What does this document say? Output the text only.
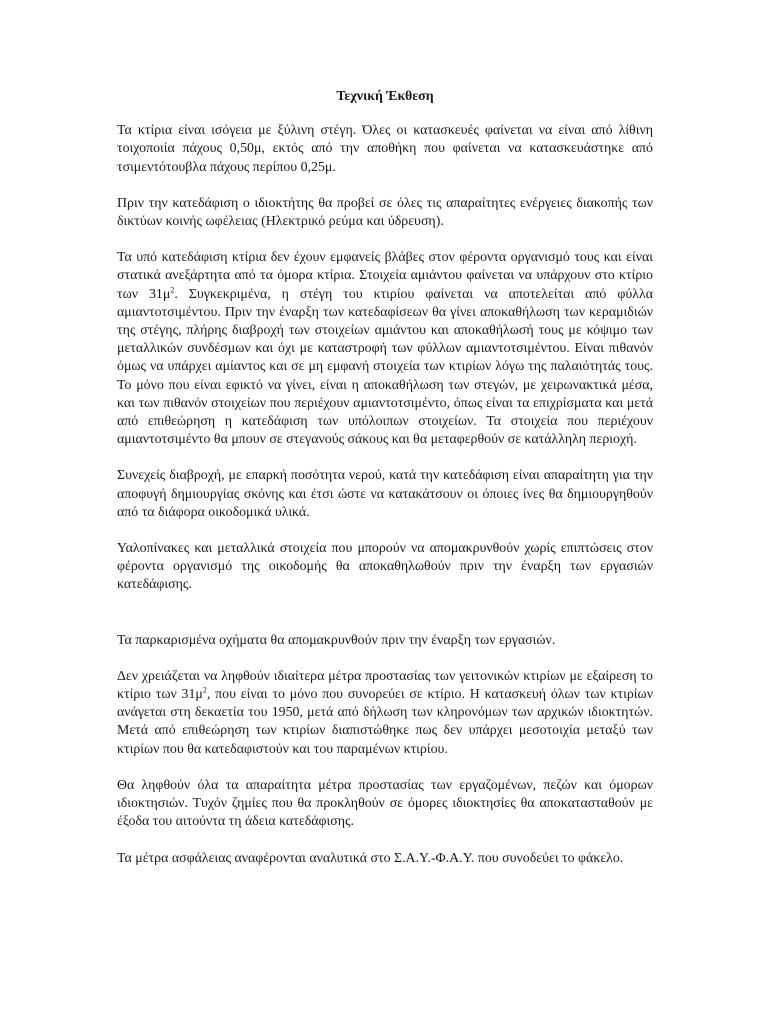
Τεχνική Έκθεση

Τα κτίρια είναι ισόγεια με ξύλινη στέγη. Όλες οι κατασκευές φαίνεται να είναι από λίθινη τοιχοποιία πάχους 0,50μ, εκτός από την αποθήκη που φαίνεται να κατασκευάστηκε από τσιμεντότουβλα πάχους περίπου 0,25μ.

Πριν την κατεδάφιση ο ιδιοκτήτης θα προβεί σε όλες τις απαραίτητες ενέργειες διακοπής των δικτύων κοινής ωφέλειας (Ηλεκτρικό ρεύμα και ύδρευση).

Τα υπό κατεδάφιση κτίρια δεν έχουν εμφανείς βλάβες στον φέροντα οργανισμό τους και είναι στατικά ανεξάρτητα από τα όμορα κτίρια. Στοιχεία αμιάντου φαίνεται να υπάρχουν στο κτίριο των $31\mu^2$. Συγκεκριμένα, η στέγη του κτιρίου φαίνεται να αποτελείται από φύλλα αμιαντοτσιμέντου. Πριν την έναρξη των κατεδαφίσεων θα γίνει αποκαθήλωση των κεραμιδιών της στέγης, πλήρης διαβροχή των στοιχείων αμιάντου και αποκαθήλωσή τους με κόψιμο των μεταλλικών συνδέσμων και όχι με καταστροφή των φύλλων αμιαντοτσιμέντου. Είναι πιθανόν όμως να υπάρχει αμίαντος και σε μη εμφανή στοιχεία των κτιρίων λόγω της παλαιότητάς τους. Το μόνο που είναι εφικτό να γίνει, είναι η αποκαθήλωση των στεγών, με χειρωνακτικά μέσα, και των πιθανόν στοιχείων που περιέχουν αμιαντοτσιμέντο, όπως είναι τα επιχρίσματα και μετά από επιθεώρηση η κατεδάφιση των υπόλοιπων στοιχείων. Τα στοιχεία που περιέχουν αμιαντοτσιμέντο θα μπουν σε στεγανούς σάκους και θα μεταφερθούν σε κατάλληλη περιοχή.

Συνεχείς διαβροχή, με επαρκή ποσότητα νερού, κατά την κατεδάφιση είναι απαραίτητη για την αποφυγή δημιουργίας σκόνης και έτσι ώστε να κατακάτσουν οι όποιες ίνες θα δημιουργηθούν από τα διάφορα οικοδομικά υλικά.

Υαλοπίνακες και μεταλλικά στοιχεία που μπορούν να απομακρυνθούν χωρίς επιπτώσεις στον φέροντα οργανισμό της οικοδομής θα αποκαθηλωθούν πριν την έναρξη των εργασιών κατεδάφισης.

Τα παρκαρισμένα οχήματα θα απομακρυνθούν πριν την έναρξη των εργασιών.

Δεν χρειάζεται να ληφθούν ιδιαίτερα μέτρα προστασίας των γειτονικών κτιρίων με εξαίρεση το κτίριο των $31\mu^2$, που είναι το μόνο που συνορεύει σε κτίριο. Η κατασκευή όλων των κτιρίων ανάγεται στη δεκαετία του 1950, μετά από δήλωση των κληρονόμων των αρχικών ιδιοκτητών. Μετά από επιθεώρηση των κτιρίων διαπιστώθηκε πως δεν υπάρχει μεσοτοιχία μεταξύ των κτιρίων που θα κατεδαφιστούν και του παραμένων κτιρίου.

Θα ληφθούν όλα τα απαραίτητα μέτρα προστασίας των εργαζομένων, πεζών και όμορων ιδιοκτησιών. Τυχόν ζημίες που θα προκληθούν σε όμορες ιδιοκτησίες θα αποκατασταθούν με έξοδα του αιτούντα τη άδεια κατεδάφισης.

Τα μέτρα ασφάλειας αναφέρονται αναλυτικά στο Σ.Α.Υ.-Φ.Α.Υ. που συνοδεύει το φάκελο.
